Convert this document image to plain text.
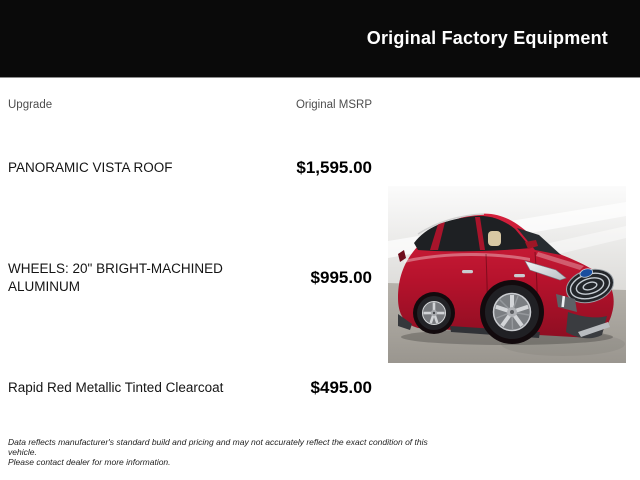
Original Factory Equipment
Upgrade	Original MSRP
PANORAMIC VISTA ROOF	$1,595.00
WHEELS: 20" BRIGHT-MACHINED ALUMINUM	$995.00
Rapid Red Metallic Tinted Clearcoat	$495.00
Data reflects manufacturer's standard build and pricing and may not accurately reflect the exact condition of this vehicle.
Please contact dealer for more information.
